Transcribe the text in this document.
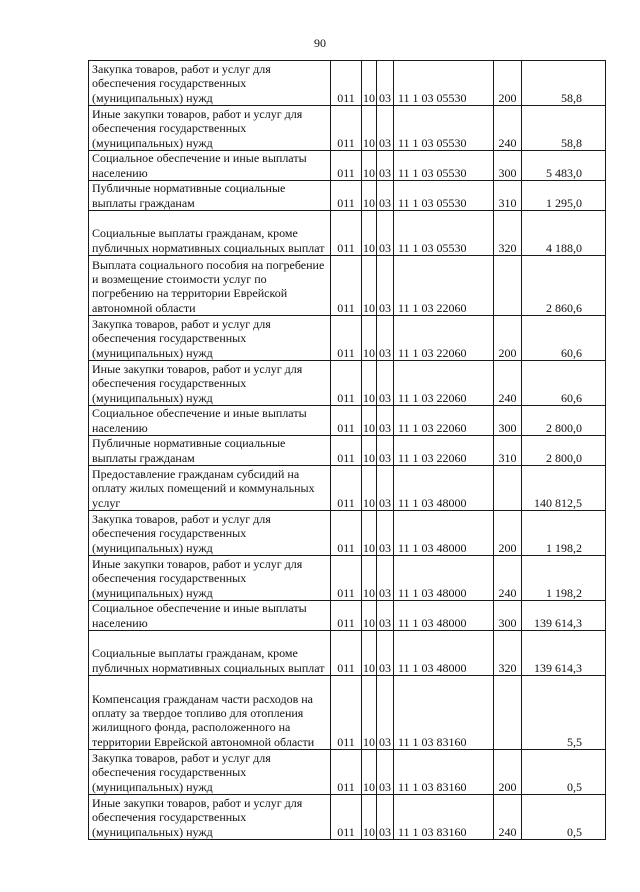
90
Закупка товаров, работ и услуг для обеспечения государственных (муниципальных) нужд	011	10	03	11 1 03 05530	200	58,8

Иные закупки товаров, работ и услуг для обеспечения государственных (муниципальных) нужд	011	10	03	11 1 03 05530	240	58,8

Социальное обеспечение и иные выплаты населению	011	10	03	11 1 03 05530	300	5 483,0

Публичные нормативные социальные выплаты гражданам	011	10	03	11 1 03 05530	310	1 295,0

Социальные выплаты гражданам, кроме публичных нормативных социальных выплат	011	10	03	11 1 03 05530	320	4 188,0

Выплата социального пособия на погребение и возмещение стоимости услуг по погребению на территории Еврейской автономной области	011	10	03	11 1 03 22060		2 860,6

Закупка товаров, работ и услуг для обеспечения государственных (муниципальных) нужд	011	10	03	11 1 03 22060	200	60,6

Иные закупки товаров, работ и услуг для обеспечения государственных (муниципальных) нужд	011	10	03	11 1 03 22060	240	60,6

Социальное обеспечение и иные выплаты населению	011	10	03	11 1 03 22060	300	2 800,0

Публичные нормативные социальные выплаты гражданам	011	10	03	11 1 03 22060	310	2 800,0

Предоставление гражданам субсидий на оплату жилых помещений и коммунальных услуг	011	10	03	11 1 03 48000		140 812,5

Закупка товаров, работ и услуг для обеспечения государственных (муниципальных) нужд	011	10	03	11 1 03 48000	200	1 198,2

Иные закупки товаров, работ и услуг для обеспечения государственных (муниципальных) нужд	011	10	03	11 1 03 48000	240	1 198,2

Социальное обеспечение и иные выплаты населению	011	10	03	11 1 03 48000	300	139 614,3

Социальные выплаты гражданам, кроме публичных нормативных социальных выплат	011	10	03	11 1 03 48000	320	139 614,3

Компенсация гражданам части расходов на оплату за твердое топливо для отопления жилищного фонда, расположенного на территории Еврейской автономной области	011	10	03	11 1 03 83160		5,5

Закупка товаров, работ и услуг для обеспечения государственных (муниципальных) нужд	011	10	03	11 1 03 83160	200	0,5

Иные закупки товаров, работ и услуг для обеспечения государственных (муниципальных) нужд	011	10	03	11 1 03 83160	240	0,5
